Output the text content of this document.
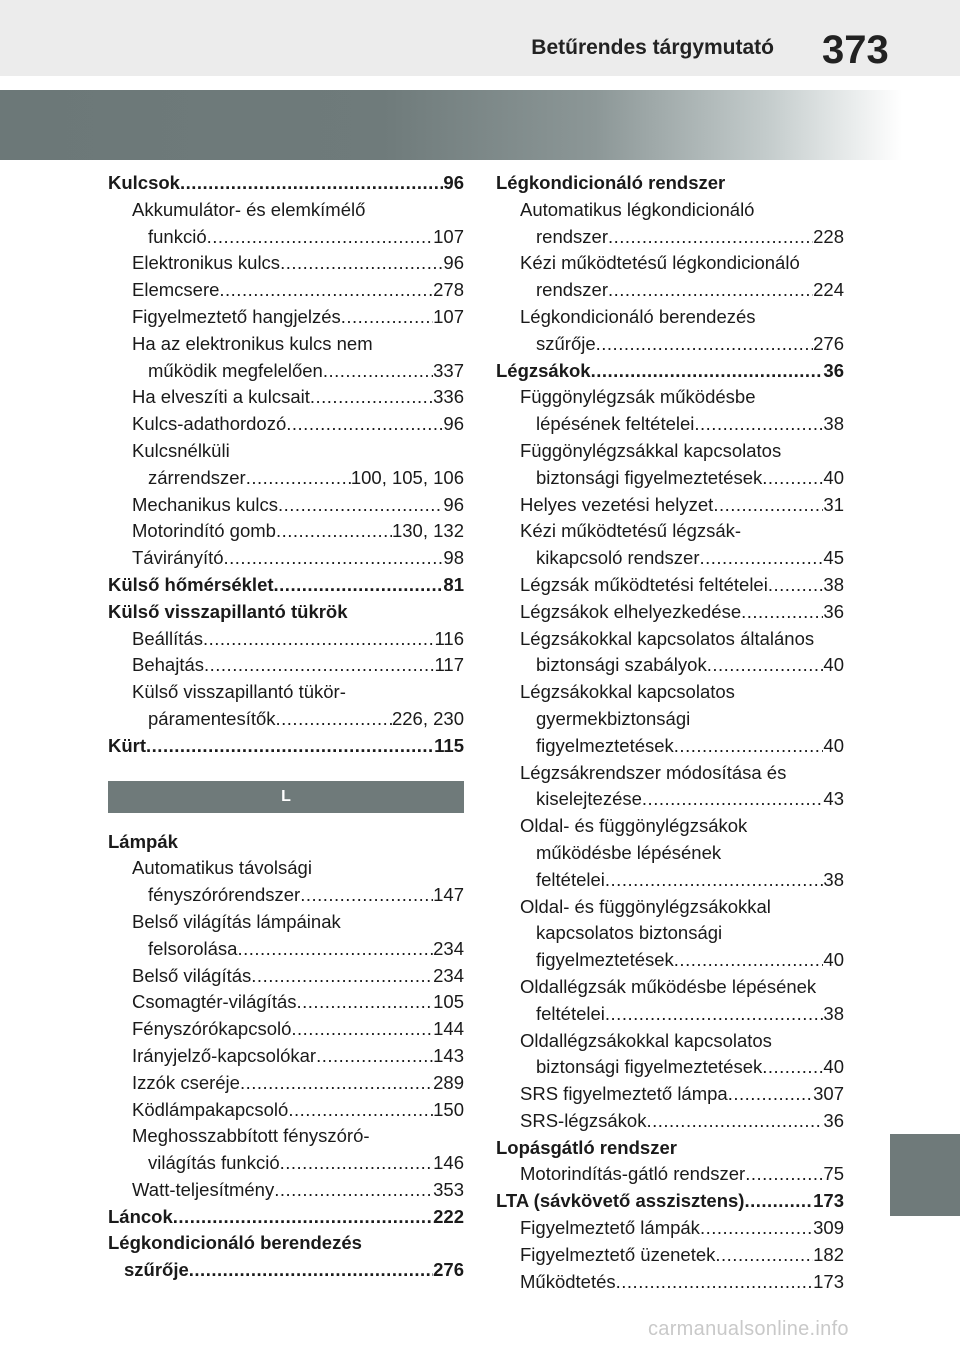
Betűrendes tárgymutató 373
Kulcsok .....	96
Akkumulátor- és elemkímélő
funkció .....	107
Elektronikus kulcs .....	96
Elemcsere .....	278
Figyelmeztető hangjelzés .....	107
Ha az elektronikus kulcs nem
működik megfelelően .....	337
Ha elveszíti a kulcsait .....	336
Kulcs-adathordozó .....	96
Kulcsnélküli
zárrendszer .....	100, 105, 106
Mechanikus kulcs .....	96
Motorindító gomb .....	130, 132
Távirányító .....	98
Külső hőmérséklet .....	81
Külső visszapillantó tükrök
Beállítás .....	116
Behajtás .....	117
Külső visszapillantó tükör-
páramentesítők .....	226, 230
Kürt .....	115
L
Lámpák
Automatikus távolsági
fényszórórendszer .....	147
Belső világítás lámpáinak
felsorolása .....	234
Belső világítás .....	234
Csomagtér-világítás .....	105
Fényszórókapcsoló .....	144
Irányjelző-kapcsolókar .....	143
Izzók cseréje .....	289
Ködlámpakapcsoló .....	150
Meghosszabbított fényszóró-
világítás funkció .....	146
Watt-teljesítmény .....	353
Láncok .....	222
Légkondicionáló berendezés
szűrője .....	276
Légkondicionáló rendszer
Automatikus légkondicionáló
rendszer .....	228
Kézi működtetésű légkondicionáló
rendszer .....	224
Légkondicionáló berendezés
szűrője .....	276
Légzsákok .....	36
Függönylégzsák működésbe
lépésének feltételei .....	38
Függönylégzsákkal kapcsolatos
biztonsági figyelmeztetések .....	40
Helyes vezetési helyzet .....	31
Kézi működtetésű légzsák-
kikapcsoló rendszer .....	45
Légzsák működtetési feltételei .....	38
Légzsákok elhelyezkedése .....	36
Légzsákokkal kapcsolatos általános
biztonsági szabályok .....	40
Légzsákokkal kapcsolatos
gyermekbiztonsági
figyelmeztetések .....	40
Légzsákrendszer módosítása és
kiselejtezése .....	43
Oldal- és függönylégzsákok
működésbe lépésének
feltételei .....	38
Oldal- és függönylégzsákokkal
kapcsolatos biztonsági
figyelmeztetések .....	40
Oldallégzsák működésbe lépésének
feltételei .....	38
Oldallégzsákokkal kapcsolatos
biztonsági figyelmeztetések .....	40
SRS figyelmeztető lámpa .....	307
SRS-légzsákok .....	36
Lopásgátló rendszer
Motorindítás-gátló rendszer .....	75
LTA (sávkövető asszisztens) .....	173
Figyelmeztető lámpák .....	309
Figyelmeztető üzenetek .....	182
Működtetés .....	173
carmanualsonline.info
